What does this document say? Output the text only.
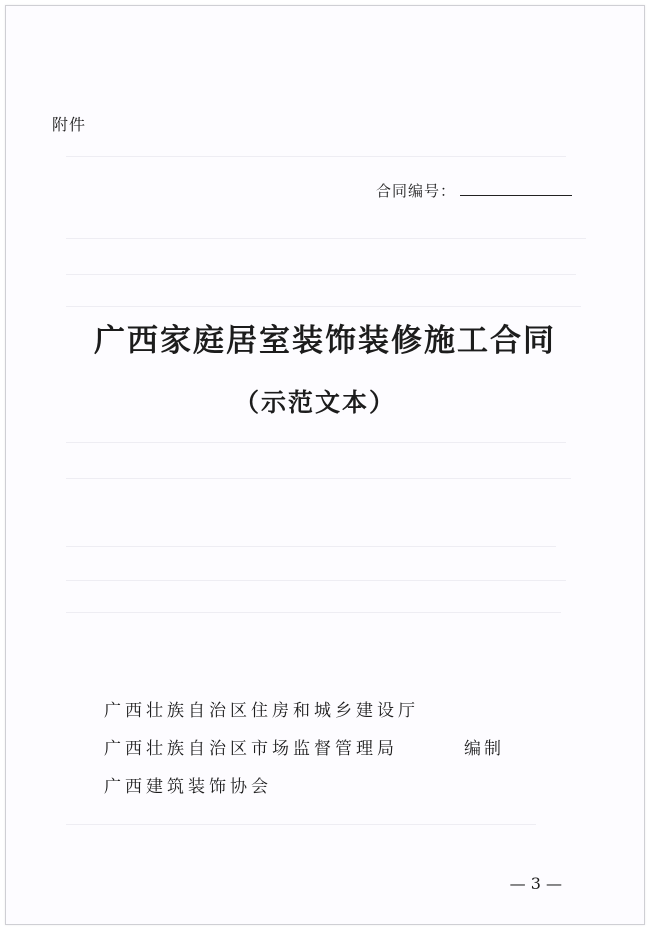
附件
合同编号：
广西家庭居室装饰装修施工合同
（示范文本）
广西壮族自治区住房和城乡建设厅
广西壮族自治区市场监督管理局	编制
广西建筑装饰协会
— 3 —
